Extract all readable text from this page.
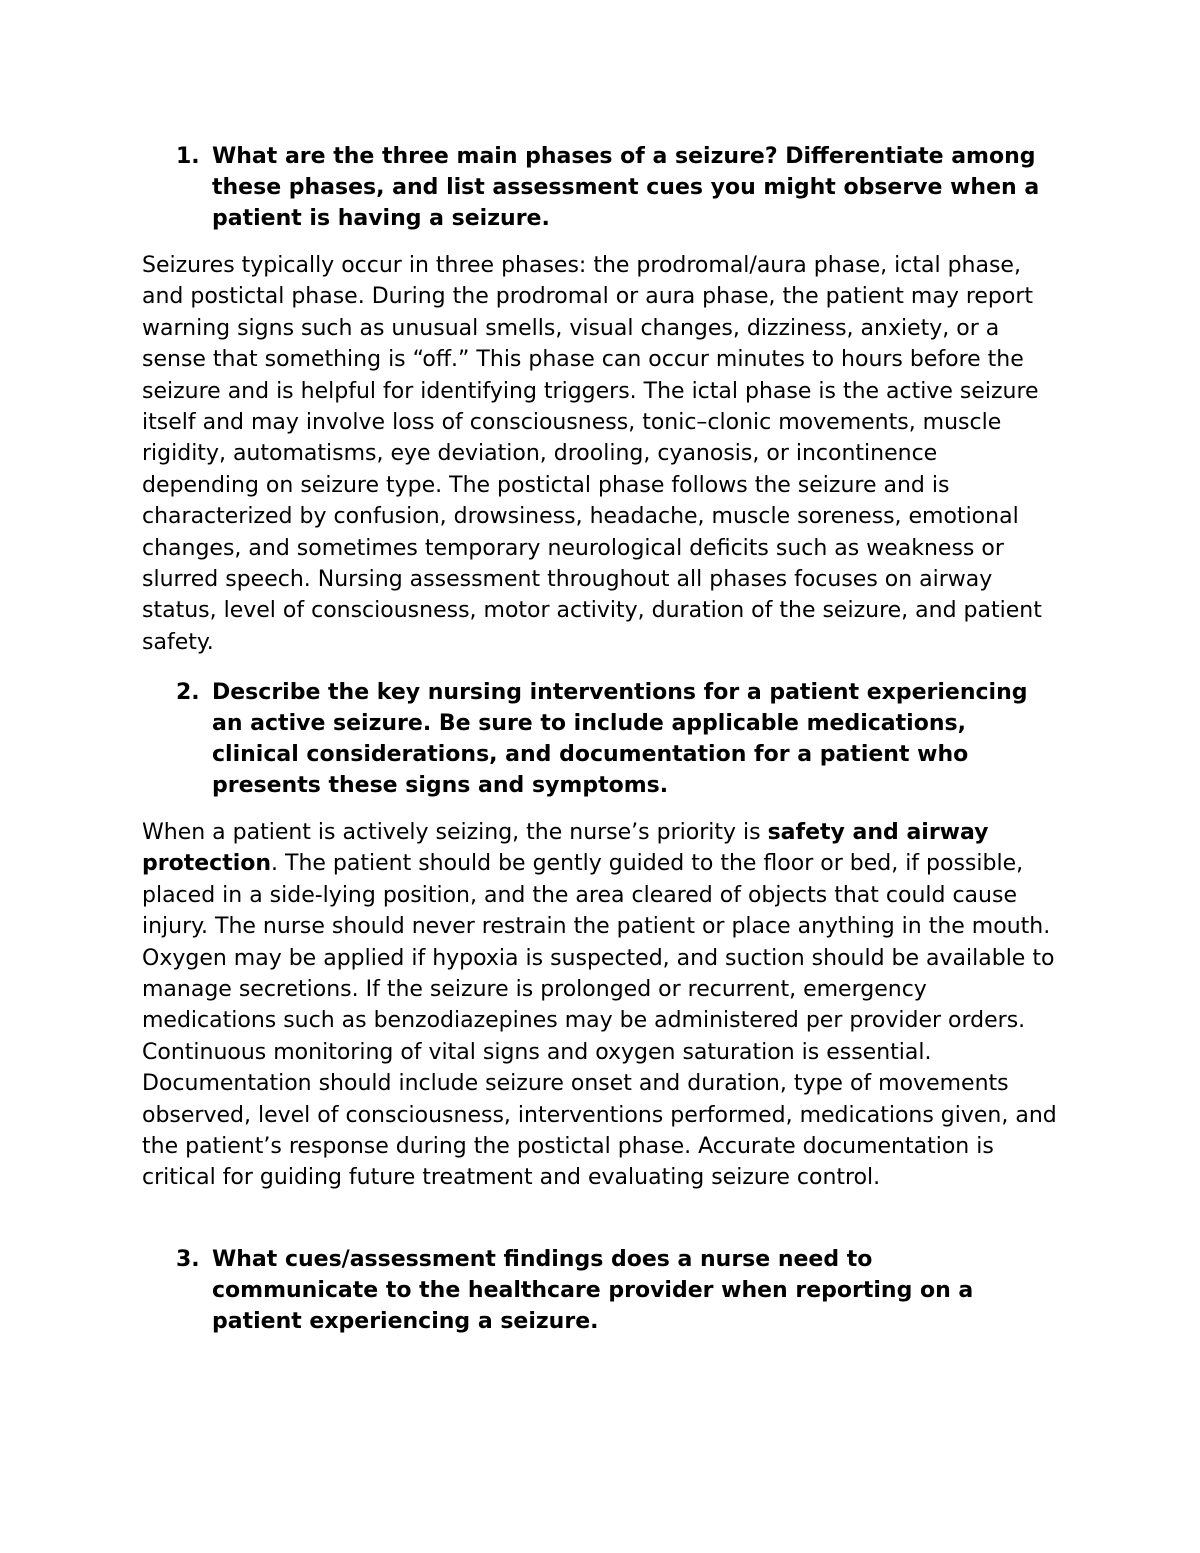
1. What are the three main phases of a seizure? Differentiate among these phases, and list assessment cues you might observe when a patient is having a seizure.

Seizures typically occur in three phases: the prodromal/aura phase, ictal phase, and postictal phase. During the prodromal or aura phase, the patient may report warning signs such as unusual smells, visual changes, dizziness, anxiety, or a sense that something is “off.” This phase can occur minutes to hours before the seizure and is helpful for identifying triggers. The ictal phase is the active seizure itself and may involve loss of consciousness, tonic–clonic movements, muscle rigidity, automatisms, eye deviation, drooling, cyanosis, or incontinence depending on seizure type. The postictal phase follows the seizure and is characterized by confusion, drowsiness, headache, muscle soreness, emotional changes, and sometimes temporary neurological deficits such as weakness or slurred speech. Nursing assessment throughout all phases focuses on airway status, level of consciousness, motor activity, duration of the seizure, and patient safety.

2. Describe the key nursing interventions for a patient experiencing an active seizure. Be sure to include applicable medications, clinical considerations, and documentation for a patient who presents these signs and symptoms.

When a patient is actively seizing, the nurse’s priority is safety and airway protection. The patient should be gently guided to the floor or bed, if possible, placed in a side-lying position, and the area cleared of objects that could cause injury. The nurse should never restrain the patient or place anything in the mouth. Oxygen may be applied if hypoxia is suspected, and suction should be available to manage secretions. If the seizure is prolonged or recurrent, emergency medications such as benzodiazepines may be administered per provider orders. Continuous monitoring of vital signs and oxygen saturation is essential. Documentation should include seizure onset and duration, type of movements observed, level of consciousness, interventions performed, medications given, and the patient’s response during the postictal phase. Accurate documentation is critical for guiding future treatment and evaluating seizure control.

3. What cues/assessment findings does a nurse need to communicate to the healthcare provider when reporting on a patient experiencing a seizure.
